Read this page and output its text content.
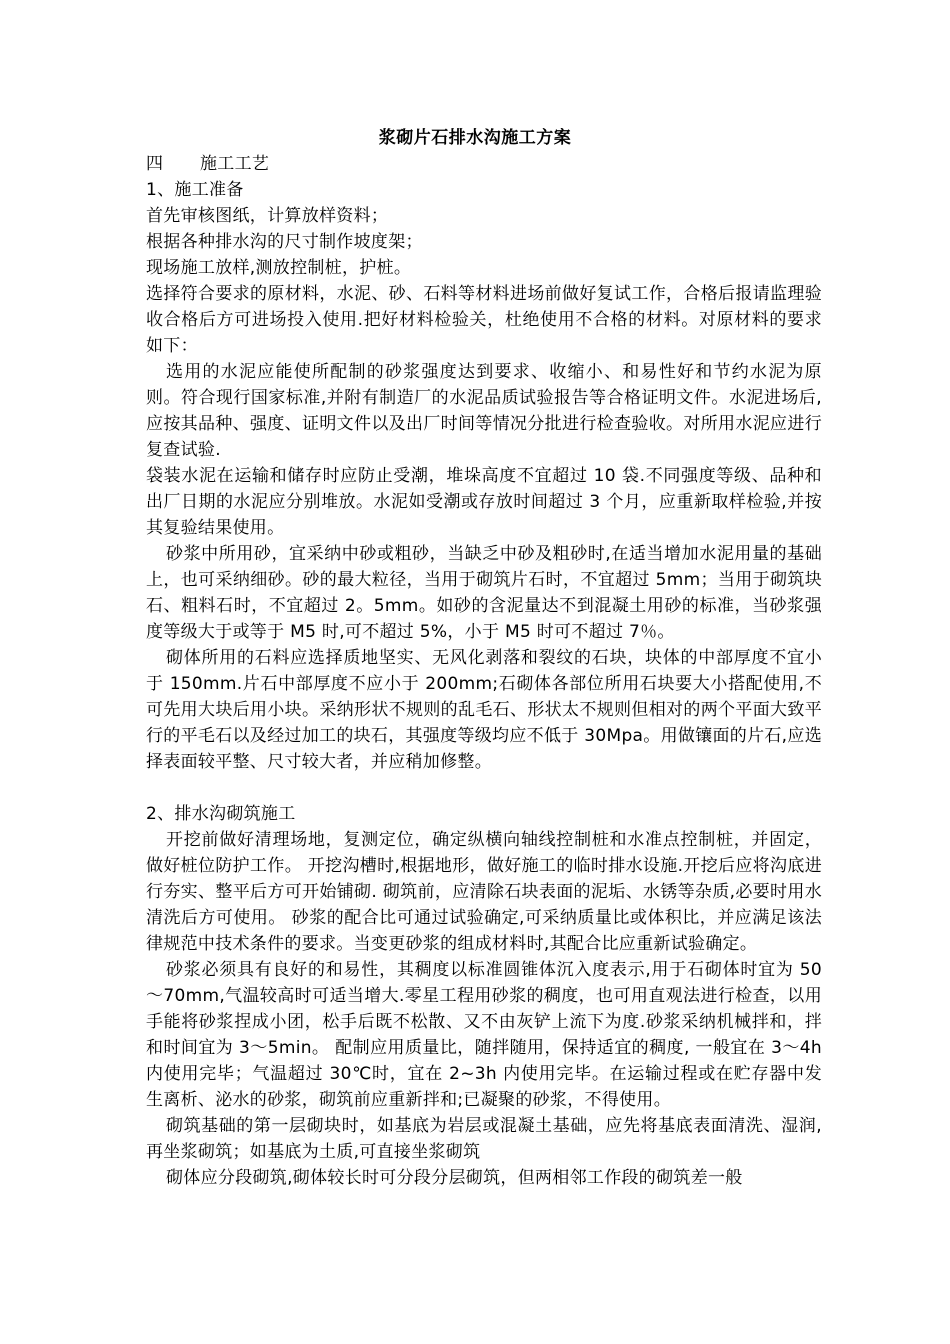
浆砌片石排水沟施工方案

四 施工工艺

1、施工准备

首先审核图纸，计算放样资料；

根据各种排水沟的尺寸制作坡度架；

现场施工放样,测放控制桩，护桩。

选择符合要求的原材料，水泥、砂、石料等材料进场前做好复试工作，合格后报请监理验收合格后方可进场投入使用.把好材料检验关，杜绝使用不合格的材料。对原材料的要求如下：

选用的水泥应能使所配制的砂浆强度达到要求、收缩小、和易性好和节约水泥为原则。符合现行国家标准,并附有制造厂的水泥品质试验报告等合格证明文件。水泥进场后,应按其品种、强度、证明文件以及出厂时间等情况分批进行检查验收。对所用水泥应进行复查试验.

袋装水泥在运输和储存时应防止受潮，堆垛高度不宜超过 10 袋.不同强度等级、品种和出厂日期的水泥应分别堆放。水泥如受潮或存放时间超过 3 个月，应重新取样检验,并按其复验结果使用。

砂浆中所用砂，宜采纳中砂或粗砂，当缺乏中砂及粗砂时,在适当增加水泥用量的基础上，也可采纳细砂。砂的最大粒径，当用于砌筑片石时，不宜超过 5mm；当用于砌筑块石、粗料石时，不宜超过 2。5mm。如砂的含泥量达不到混凝土用砂的标准，当砂浆强度等级大于或等于 M5 时,可不超过 5%，小于 M5 时可不超过 7％。

砌体所用的石料应选择质地坚实、无风化剥落和裂纹的石块，块体的中部厚度不宜小于 150mm.片石中部厚度不应小于 200mm;石砌体各部位所用石块要大小搭配使用,不可先用大块后用小块。采纳形状不规则的乱毛石、形状太不规则但相对的两个平面大致平行的平毛石以及经过加工的块石，其强度等级均应不低于 30Mpa。用做镶面的片石,应选择表面较平整、尺寸较大者，并应稍加修整。

2、排水沟砌筑施工

开挖前做好清理场地，复测定位，确定纵横向轴线控制桩和水准点控制桩，并固定，做好桩位防护工作。 开挖沟槽时,根据地形，做好施工的临时排水设施.开挖后应将沟底进行夯实、整平后方可开始铺砌. 砌筑前，应清除石块表面的泥垢、水锈等杂质,必要时用水清洗后方可使用。 砂浆的配合比可通过试验确定,可采纳质量比或体积比，并应满足该法律规范中技术条件的要求。当变更砂浆的组成材料时,其配合比应重新试验确定。

砂浆必须具有良好的和易性，其稠度以标准圆锥体沉入度表示,用于石砌体时宜为 50～70mm,气温较高时可适当增大.零星工程用砂浆的稠度，也可用直观法进行检查，以用手能将砂浆捏成小团，松手后既不松散、又不由灰铲上流下为度.砂浆采纳机械拌和，拌和时间宜为 3～5min。 配制应用质量比，随拌随用，保持适宜的稠度, 一般宜在 3～4h 内使用完毕；气温超过 30℃时，宜在 2~3h 内使用完毕。在运输过程或在贮存器中发生离析、泌水的砂浆，砌筑前应重新拌和;已凝聚的砂浆，不得使用。

砌筑基础的第一层砌块时，如基底为岩层或混凝土基础，应先将基底表面清洗、湿润,再坐浆砌筑；如基底为土质,可直接坐浆砌筑

砌体应分段砌筑,砌体较长时可分段分层砌筑，但两相邻工作段的砌筑差一般
